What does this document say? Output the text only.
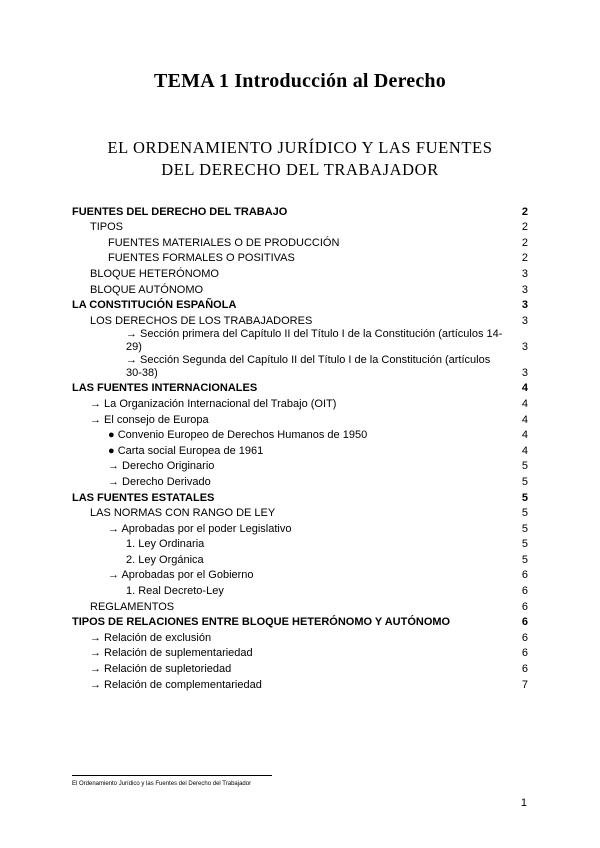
TEMA 1 Introducción al Derecho
EL ORDENAMIENTO JURÍDICO Y LAS FUENTES
DEL DERECHO DEL TRABAJADOR
FUENTES DEL DERECHO DEL TRABAJO	2
TIPOS	2
FUENTES MATERIALES O DE PRODUCCIÓN	2
FUENTES FORMALES O POSITIVAS	2
BLOQUE HETERÓNOMO	3
BLOQUE AUTÓNOMO	3
LA CONSTITUCIÓN ESPAÑOLA	3
LOS DERECHOS DE LOS TRABAJADORES	3
→ Sección primera del Capítulo II del Título I de la Constitución (artículos 14-29)	3
→ Sección Segunda del Capítulo II del Título I de la Constitución (artículos 30-38)	3
LAS FUENTES INTERNACIONALES	4
→ La Organización Internacional del Trabajo (OIT)	4
→ El consejo de Europa	4
● Convenio Europeo de Derechos Humanos de 1950	4
● Carta social Europea de 1961	4
→ Derecho Originario	5
→ Derecho Derivado	5
LAS FUENTES ESTATALES	5
LAS NORMAS CON RANGO DE LEY	5
→ Aprobadas por el poder Legislativo	5
1. Ley Ordinaria	5
2. Ley Orgánica	5
→ Aprobadas por el Gobierno	6
1. Real Decreto-Ley	6
REGLAMENTOS	6
TIPOS DE RELACIONES ENTRE BLOQUE HETERÓNOMO Y AUTÓNOMO	6
→ Relación de exclusión	6
→ Relación de suplementariedad	6
→ Relación de supletoriedad	6
→ Relación de complementariedad	7
El Ordenamiento Jurídico y las Fuentes del Derecho del Trabajador
1
